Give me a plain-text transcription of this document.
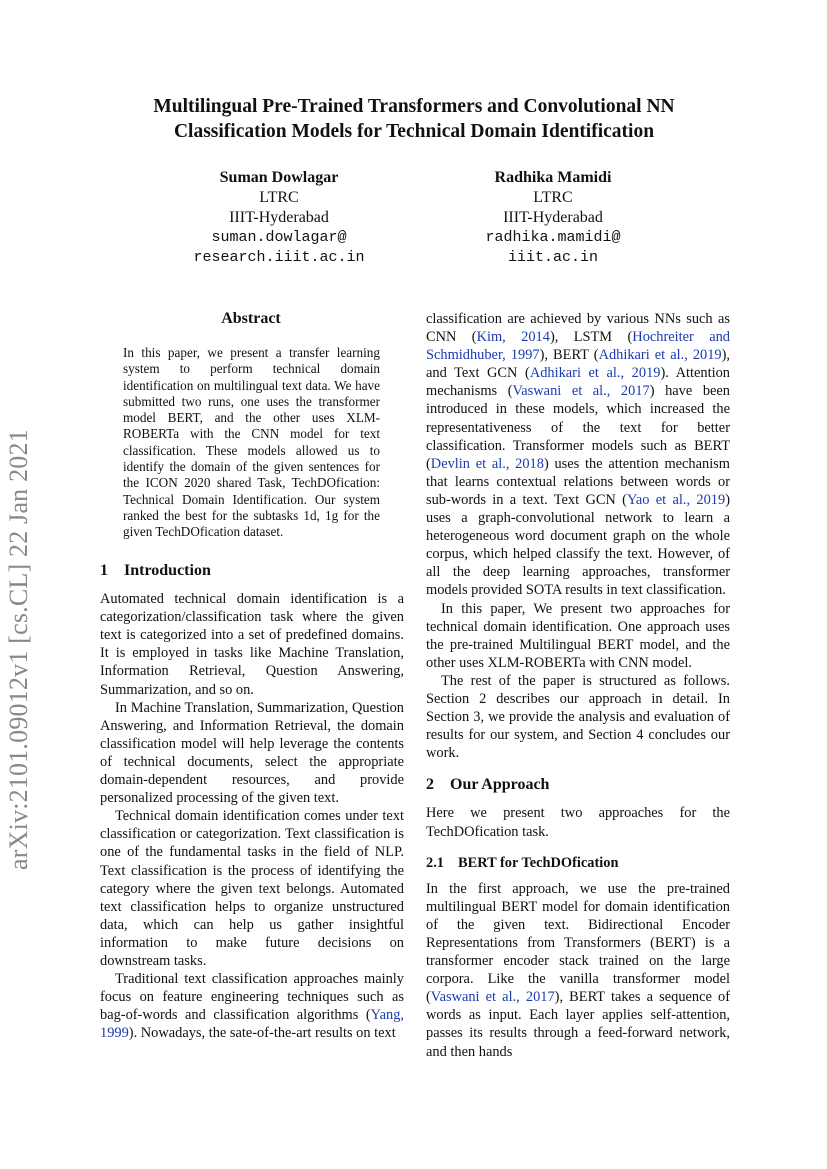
arXiv:2101.09012v1 [cs.CL] 22 Jan 2021
Multilingual Pre-Trained Transformers and Convolutional NN
Classification Models for Technical Domain Identification
Suman Dowlagar
LTRC
IIIT-Hyderabad
suman.dowlagar@
research.iiit.ac.in
Radhika Mamidi
LTRC
IIIT-Hyderabad
radhika.mamidi@
iiit.ac.in
Abstract
In this paper, we present a transfer learning system to perform technical domain identification on multilingual text data. We have submitted two runs, one uses the transformer model BERT, and the other uses XLM-ROBERTa with the CNN model for text classification. These models allowed us to identify the domain of the given sentences for the ICON 2020 shared Task, TechDOfication: Technical Domain Identification. Our system ranked the best for the subtasks 1d, 1g for the given TechDOfication dataset.
1 Introduction

Automated technical domain identification is a categorization/classification task where the given text is categorized into a set of predefined domains. It is employed in tasks like Machine Translation, Information Retrieval, Question Answering, Summarization, and so on.

In Machine Translation, Summarization, Question Answering, and Information Retrieval, the domain classification model will help leverage the contents of technical documents, select the appropriate domain-dependent resources, and provide personalized processing of the given text.

Technical domain identification comes under text classification or categorization. Text classification is one of the fundamental tasks in the field of NLP. Text classification is the process of identifying the category where the given text belongs. Automated text classification helps to organize unstructured data, which can help us gather insightful information to make future decisions on downstream tasks.

Traditional text classification approaches mainly focus on feature engineering techniques such as bag-of-words and classification algorithms (Yang, 1999). Nowadays, the sate-of-the-art results on text

classification are achieved by various NNs such as CNN (Kim, 2014), LSTM (Hochreiter and Schmidhuber, 1997), BERT (Adhikari et al., 2019), and Text GCN (Adhikari et al., 2019). Attention mechanisms (Vaswani et al., 2017) have been introduced in these models, which increased the representativeness of the text for better classification. Transformer models such as BERT (Devlin et al., 2018) uses the attention mechanism that learns contextual relations between words or sub-words in a text. Text GCN (Yao et al., 2019) uses a graph-convolutional network to learn a heterogeneous word document graph on the whole corpus, which helped classify the text. However, of all the deep learning approaches, transformer models provided SOTA results in text classification.

In this paper, We present two approaches for technical domain identification. One approach uses the pre-trained Multilingual BERT model, and the other uses XLM-ROBERTa with CNN model.

The rest of the paper is structured as follows. Section 2 describes our approach in detail. In Section 3, we provide the analysis and evaluation of results for our system, and Section 4 concludes our work.

2 Our Approach

Here we present two approaches for the TechDOfication task.

2.1 BERT for TechDOfication

In the first approach, we use the pre-trained multilingual BERT model for domain identification of the given text. Bidirectional Encoder Representations from Transformers (BERT) is a transformer encoder stack trained on the large corpora. Like the vanilla transformer model (Vaswani et al., 2017), BERT takes a sequence of words as input. Each layer applies self-attention, passes its results through a feed-forward network, and then hands
